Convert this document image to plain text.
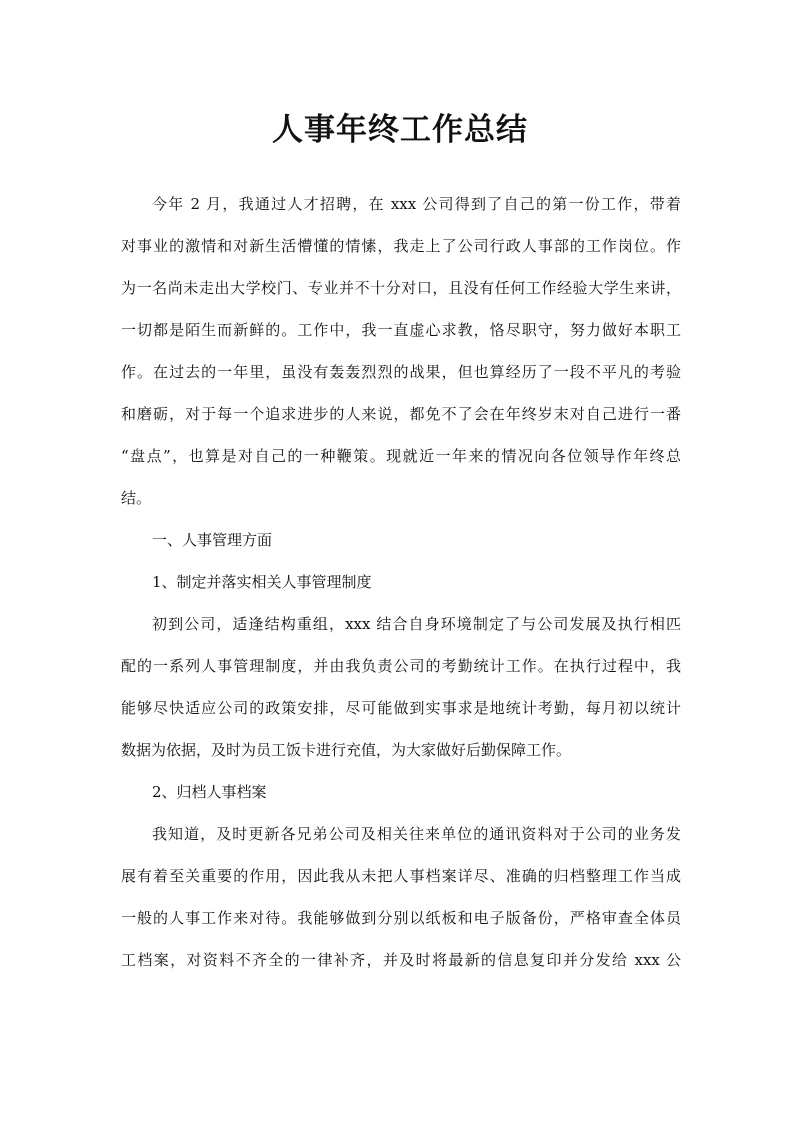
人事年终工作总结
今年 2 月，我通过人才招聘，在 xxx 公司得到了自己的第一份工作，带着
对事业的激情和对新生活懵懂的情愫，我走上了公司行政人事部的工作岗位。作
为一名尚未走出大学校门、专业并不十分对口，且没有任何工作经验大学生来讲，
一切都是陌生而新鲜的。工作中，我一直虚心求教，恪尽职守，努力做好本职工
作。在过去的一年里，虽没有轰轰烈烈的战果，但也算经历了一段不平凡的考验
和磨砺，对于每一个追求进步的人来说，都免不了会在年终岁末对自己进行一番
“盘点”，也算是对自己的一种鞭策。现就近一年来的情况向各位领导作年终总
结。
一、人事管理方面
1、制定并落实相关人事管理制度
初到公司，适逢结构重组，xxx 结合自身环境制定了与公司发展及执行相匹
配的一系列人事管理制度，并由我负责公司的考勤统计工作。在执行过程中，我
能够尽快适应公司的政策安排，尽可能做到实事求是地统计考勤，每月初以统计
数据为依据，及时为员工饭卡进行充值，为大家做好后勤保障工作。
2、归档人事档案
我知道，及时更新各兄弟公司及相关往来单位的通讯资料对于公司的业务发
展有着至关重要的作用，因此我从未把人事档案详尽、准确的归档整理工作当成
一般的人事工作来对待。我能够做到分别以纸板和电子版备份，严格审查全体员
工档案，对资料不齐全的一律补齐，并及时将最新的信息复印并分发给 xxx 公
